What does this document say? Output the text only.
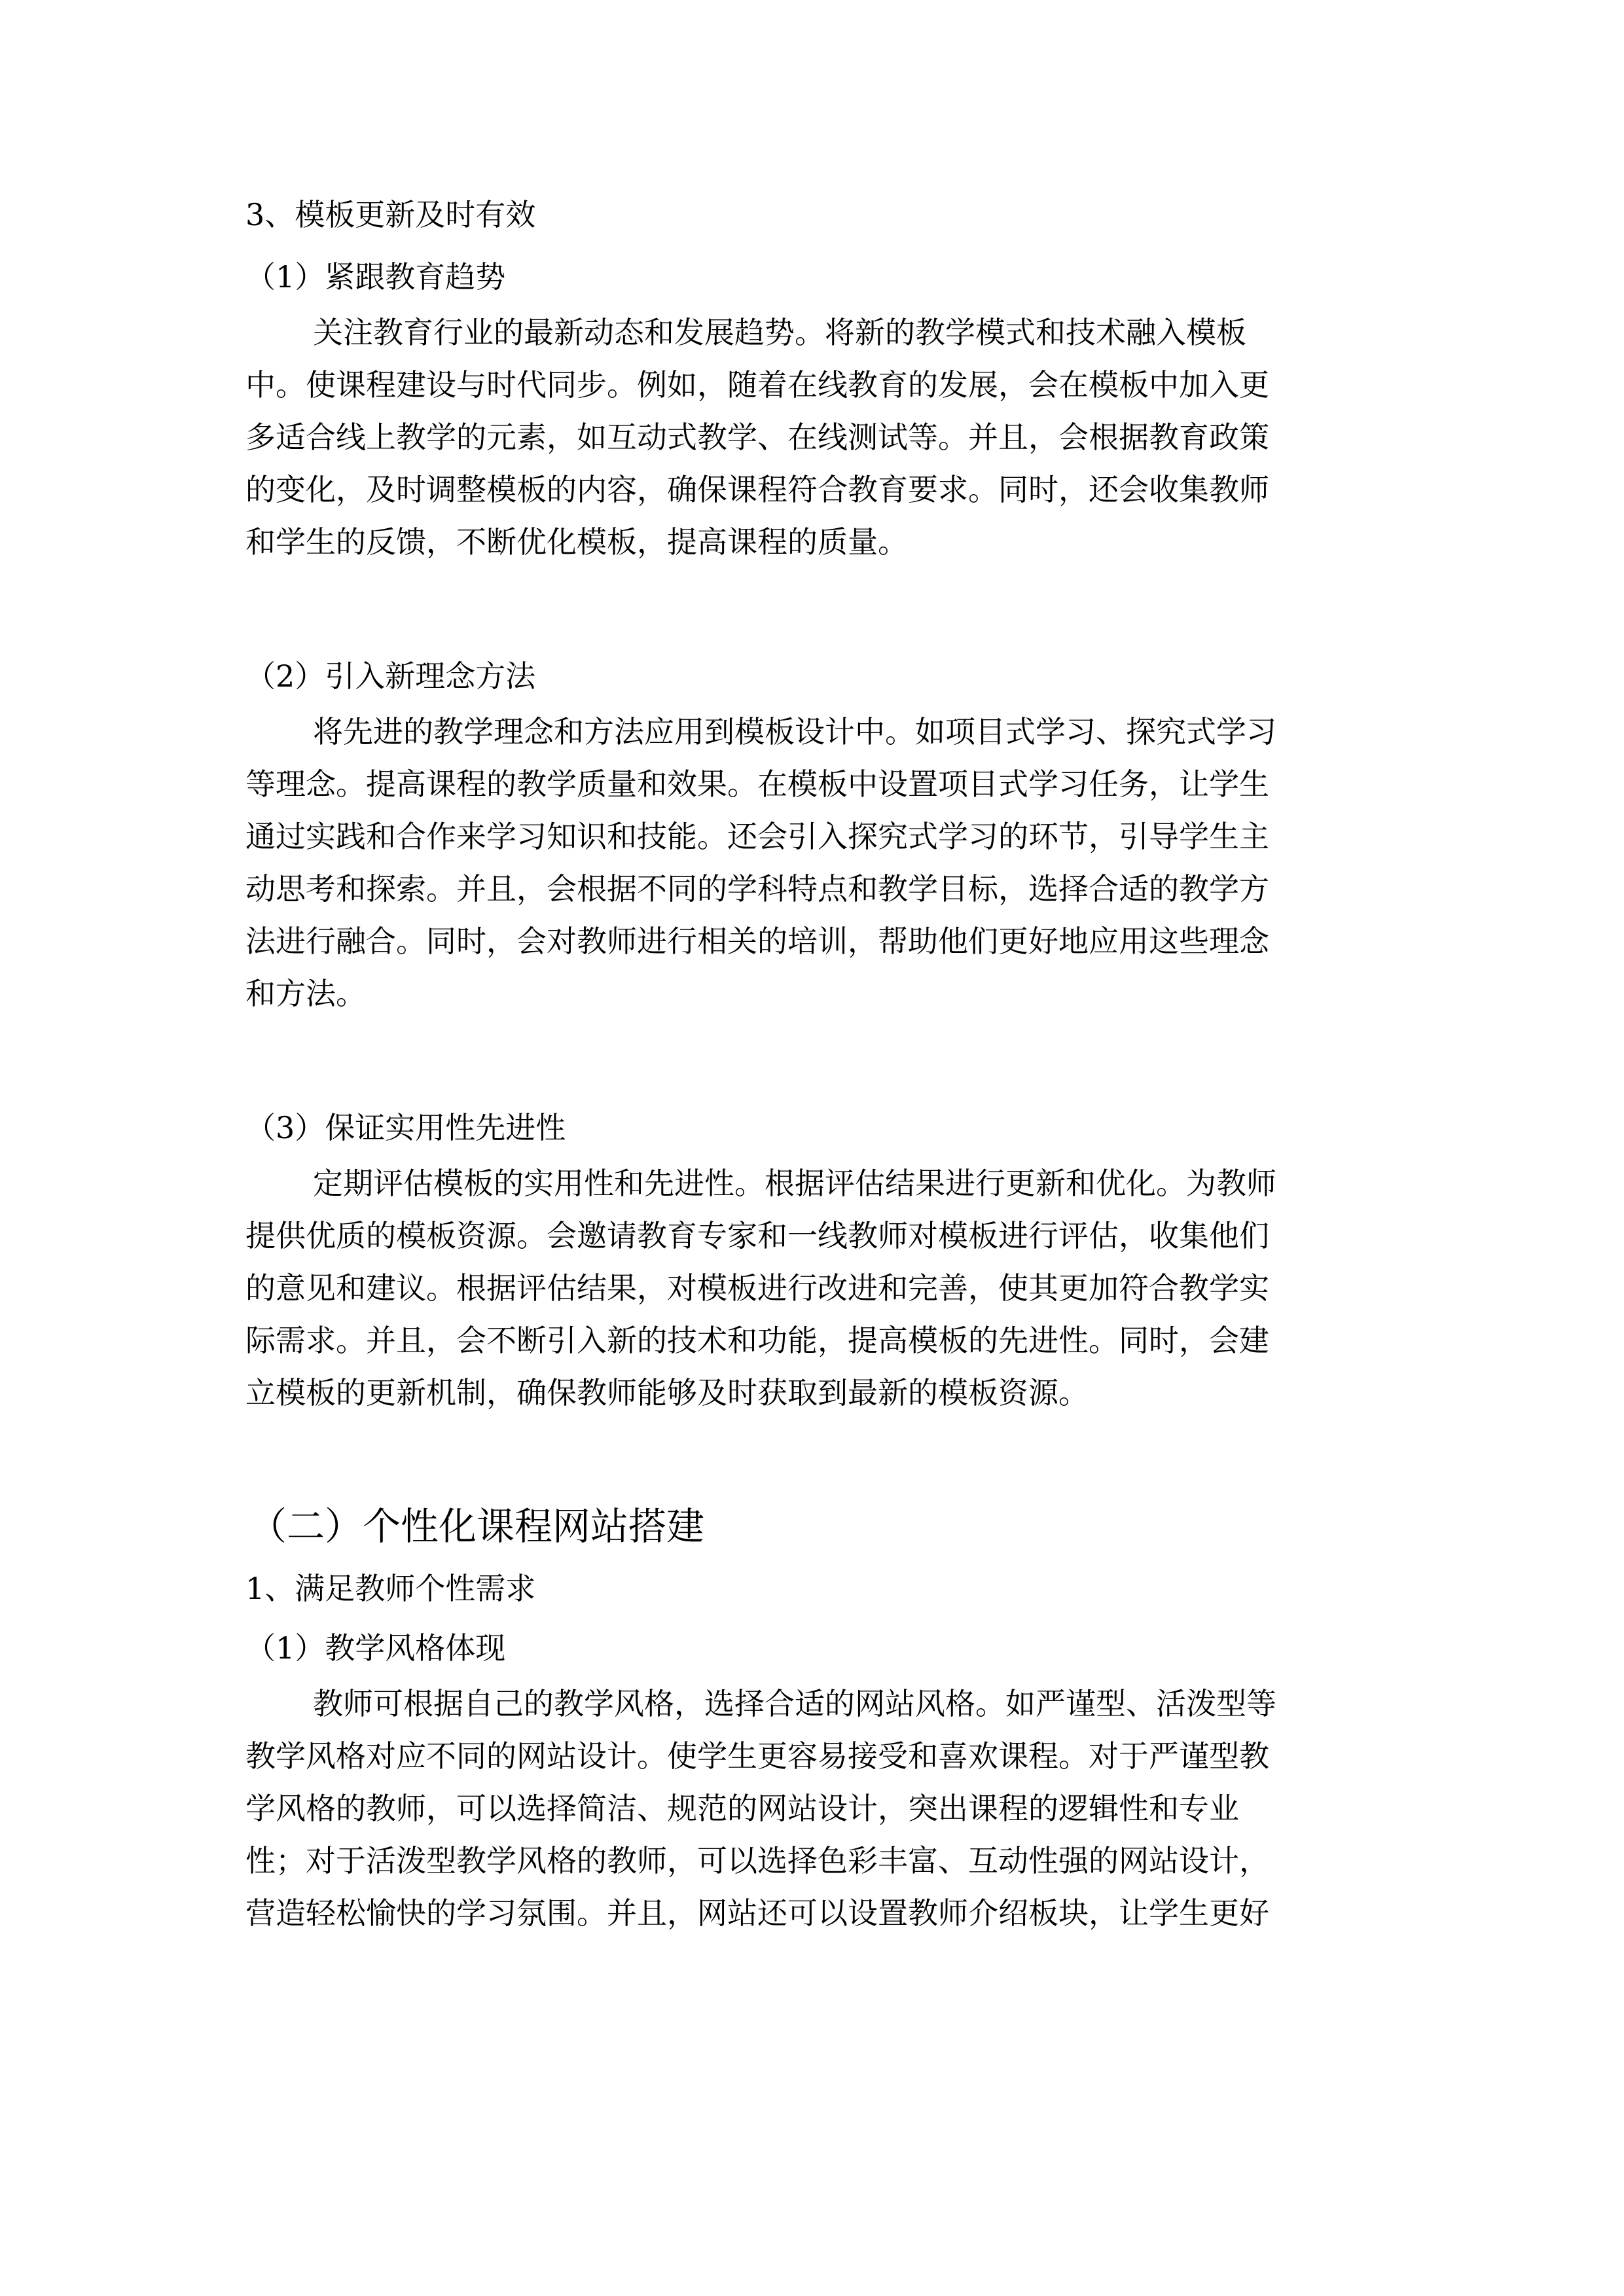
3、模板更新及时有效

（1）紧跟教育趋势

关注教育行业的最新动态和发展趋势。将新的教学模式和技术融入模板

中。使课程建设与时代同步。例如，随着在线教育的发展，会在模板中加入更

多适合线上教学的元素，如互动式教学、在线测试等。并且，会根据教育政策

的变化，及时调整模板的内容，确保课程符合教育要求。同时，还会收集教师

和学生的反馈，不断优化模板，提高课程的质量。

（2）引入新理念方法

将先进的教学理念和方法应用到模板设计中。如项目式学习、探究式学习

等理念。提高课程的教学质量和效果。在模板中设置项目式学习任务，让学生

通过实践和合作来学习知识和技能。还会引入探究式学习的环节，引导学生主

动思考和探索。并且，会根据不同的学科特点和教学目标，选择合适的教学方

法进行融合。同时，会对教师进行相关的培训，帮助他们更好地应用这些理念

和方法。

（3）保证实用性先进性

定期评估模板的实用性和先进性。根据评估结果进行更新和优化。为教师

提供优质的模板资源。会邀请教育专家和一线教师对模板进行评估，收集他们

的意见和建议。根据评估结果，对模板进行改进和完善，使其更加符合教学实

际需求。并且，会不断引入新的技术和功能，提高模板的先进性。同时，会建

立模板的更新机制，确保教师能够及时获取到最新的模板资源。

（二）个性化课程网站搭建

1、满足教师个性需求

（1）教学风格体现

教师可根据自己的教学风格，选择合适的网站风格。如严谨型、活泼型等

教学风格对应不同的网站设计。使学生更容易接受和喜欢课程。对于严谨型教

学风格的教师，可以选择简洁、规范的网站设计，突出课程的逻辑性和专业

性；对于活泼型教学风格的教师，可以选择色彩丰富、互动性强的网站设计，

营造轻松愉快的学习氛围。并且，网站还可以设置教师介绍板块，让学生更好
